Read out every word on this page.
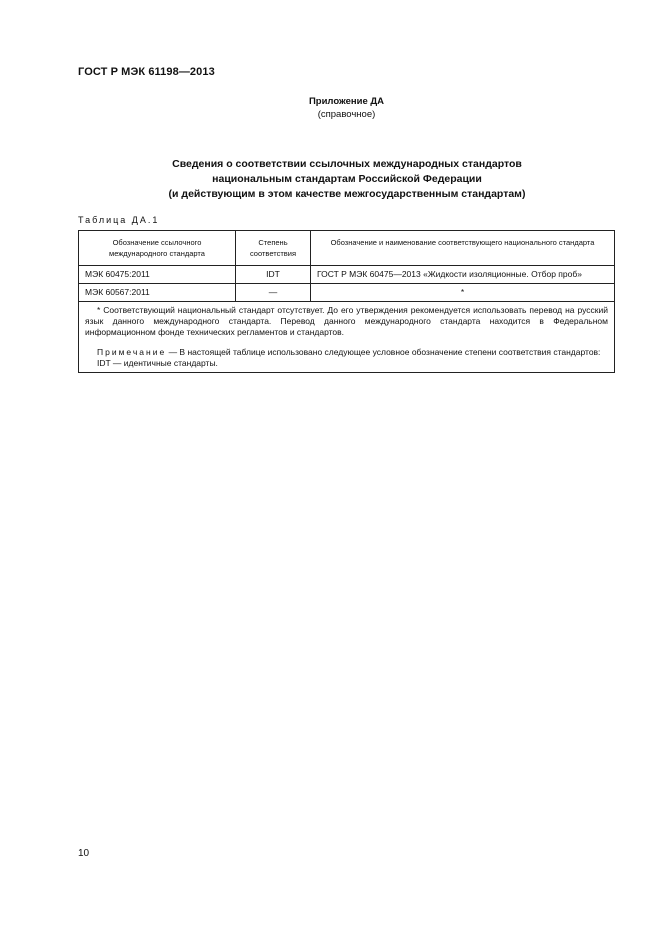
ГОСТ Р МЭК 61198—2013
Приложение ДА
(справочное)
Сведения о соответствии ссылочных международных стандартов
национальным стандартам Российской Федерации
(и действующим в этом качестве межгосударственным стандартам)
Таблица ДА.1
Обозначение ссылочного международного стандарта	Степень соответствия	Обозначение и наименование соответствующего национального стандарта
МЭК 60475:2011	IDT	ГОСТ Р МЭК 60475—2013 «Жидкости изоляционные. Отбор проб»
МЭК 60567:2011	—	*

* Соответствующий национальный стандарт отсутствует. До его утверждения рекомендуется использовать перевод на русский язык данного международного стандарта. Перевод данного международного стандарта находится в Федеральном информационном фонде технических регламентов и стандартов.

Примечание — В настоящей таблице использовано следующее условное обозначение степени соответствия стандартов:

IDT — идентичные стандарты.		

10
